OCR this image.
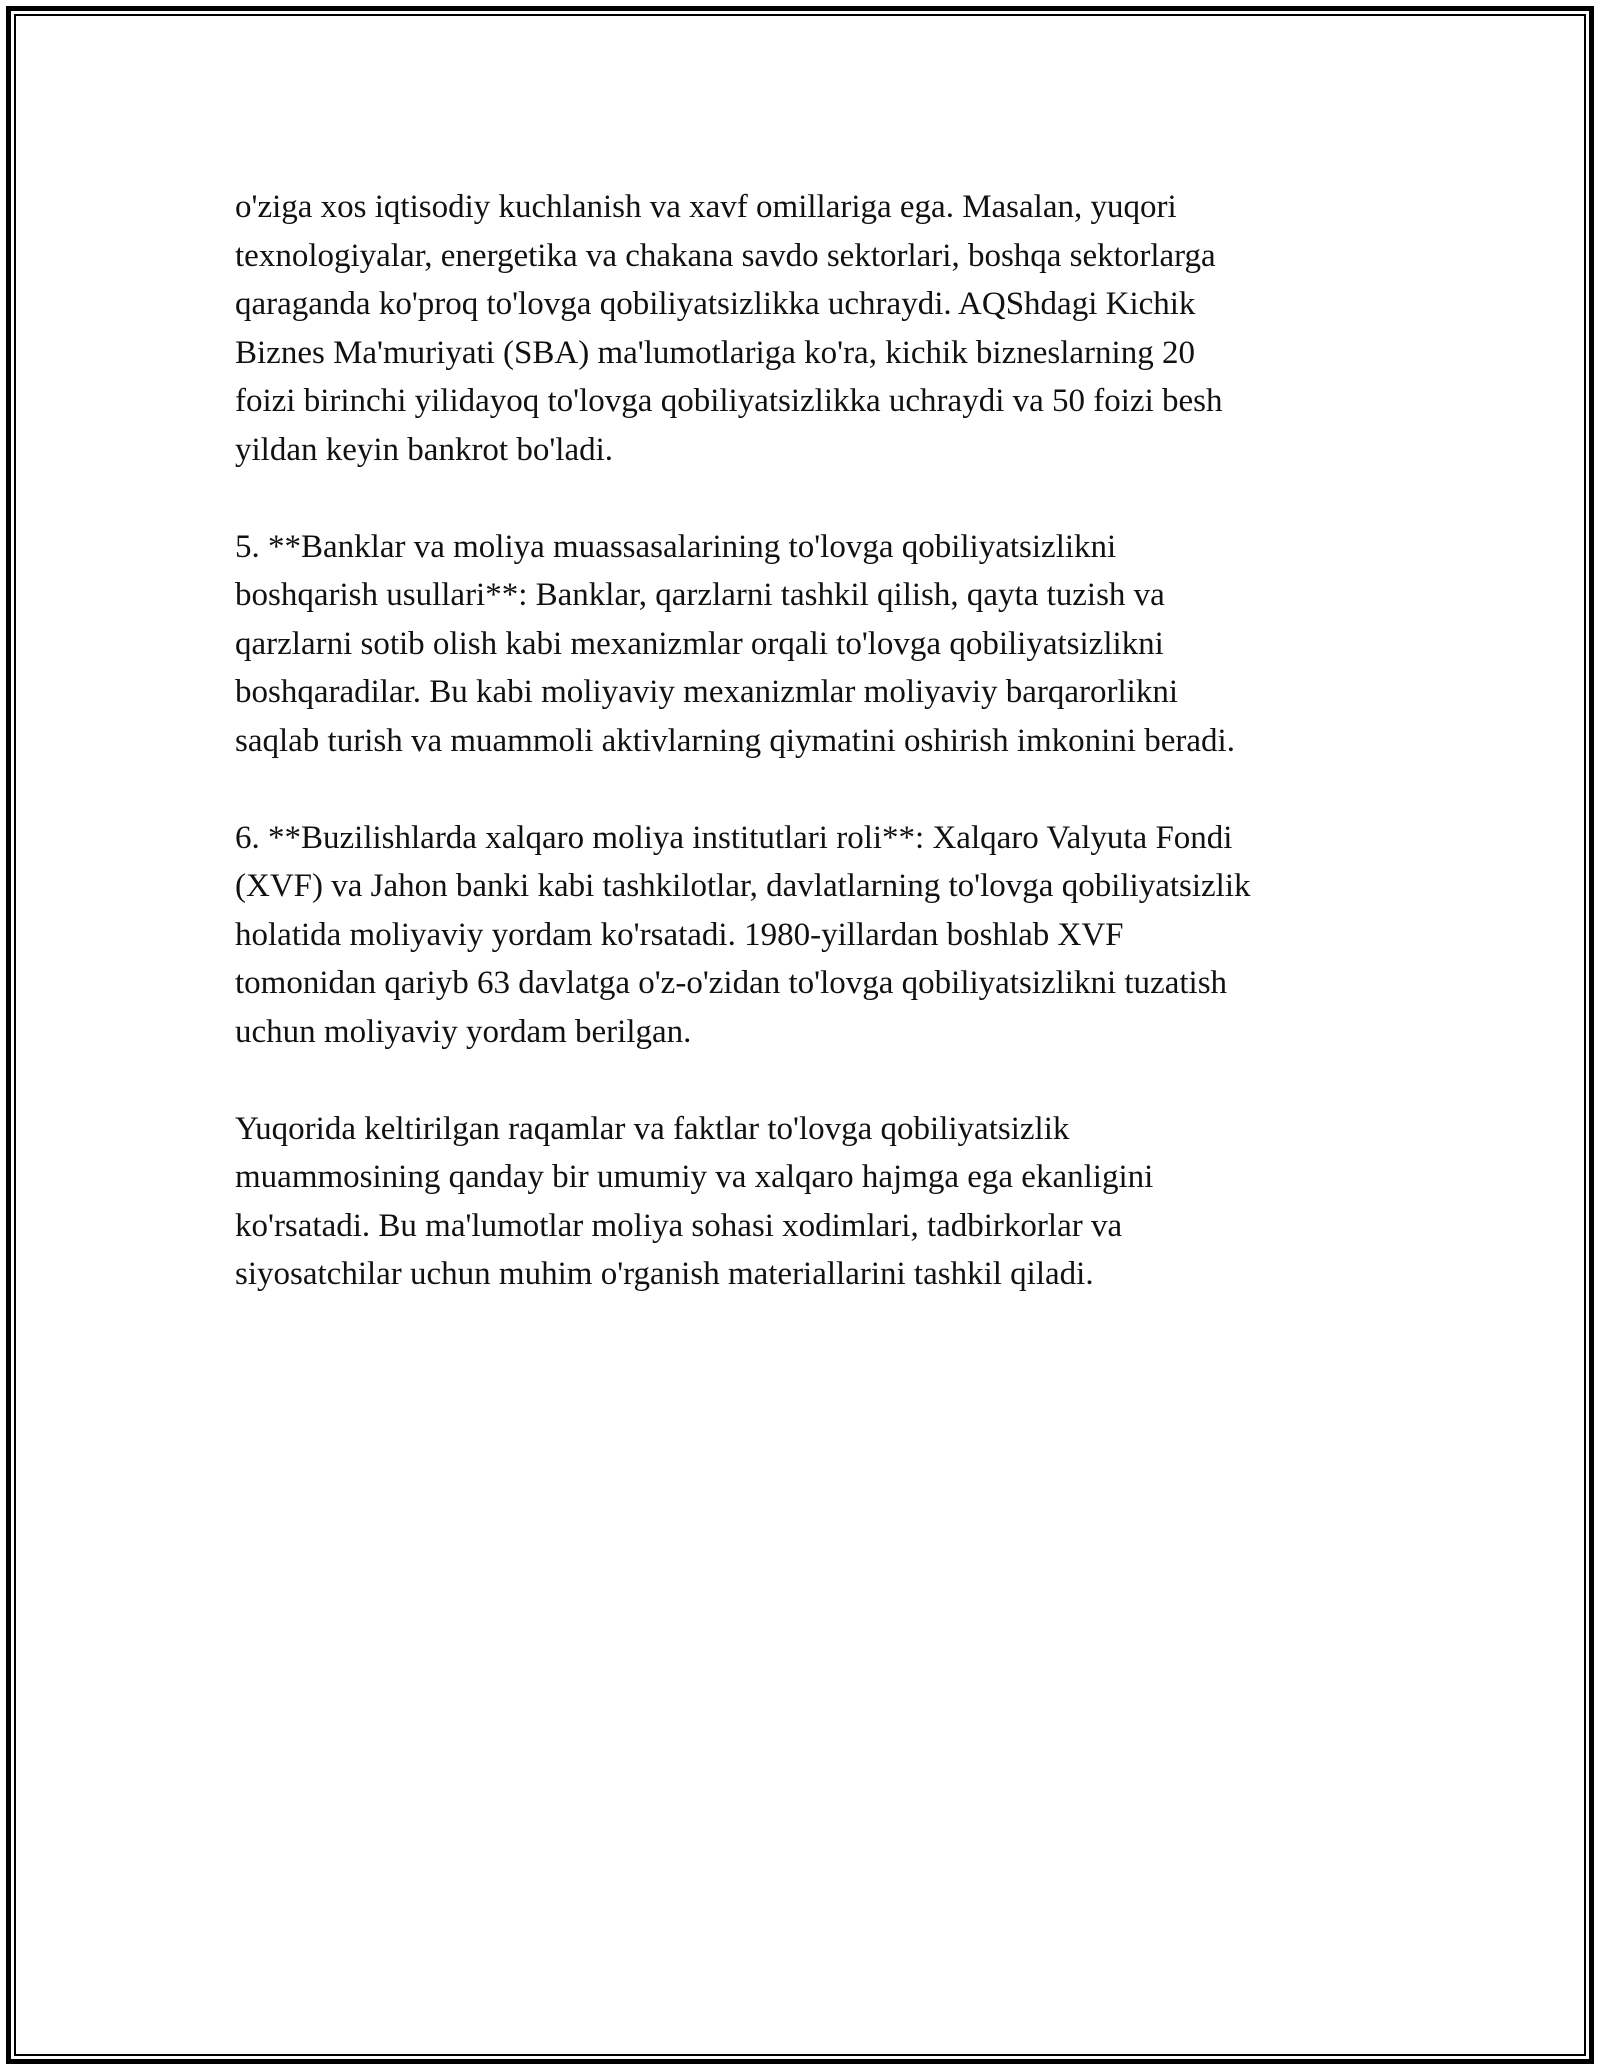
o'ziga xos iqtisodiy kuchlanish va xavf omillariga ega. Masalan, yuqori
texnologiyalar, energetika va chakana savdo sektorlari, boshqa sektorlarga
qaraganda ko'proq to'lovga qobiliyatsizlikka uchraydi. AQShdagi Kichik
Biznes Ma'muriyati (SBA) ma'lumotlariga ko'ra, kichik bizneslarning 20
foizi birinchi yilidayoq to'lovga qobiliyatsizlikka uchraydi va 50 foizi besh
yildan keyin bankrot bo'ladi.

5. **Banklar va moliya muassasalarining to'lovga qobiliyatsizlikni
boshqarish usullari**: Banklar, qarzlarni tashkil qilish, qayta tuzish va
qarzlarni sotib olish kabi mexanizmlar orqali to'lovga qobiliyatsizlikni
boshqaradilar. Bu kabi moliyaviy mexanizmlar moliyaviy barqarorlikni
saqlab turish va muammoli aktivlarning qiymatini oshirish imkonini beradi.

6. **Buzilishlarda xalqaro moliya institutlari roli**: Xalqaro Valyuta Fondi
(XVF) va Jahon banki kabi tashkilotlar, davlatlarning to'lovga qobiliyatsizlik
holatida moliyaviy yordam ko'rsatadi. 1980-yillardan boshlab XVF
tomonidan qariyb 63 davlatga o'z-o'zidan to'lovga qobiliyatsizlikni tuzatish
uchun moliyaviy yordam berilgan.

Yuqorida keltirilgan raqamlar va faktlar to'lovga qobiliyatsizlik
muammosining qanday bir umumiy va xalqaro hajmga ega ekanligini
ko'rsatadi. Bu ma'lumotlar moliya sohasi xodimlari, tadbirkorlar va
siyosatchilar uchun muhim o'rganish materiallarini tashkil qiladi.
